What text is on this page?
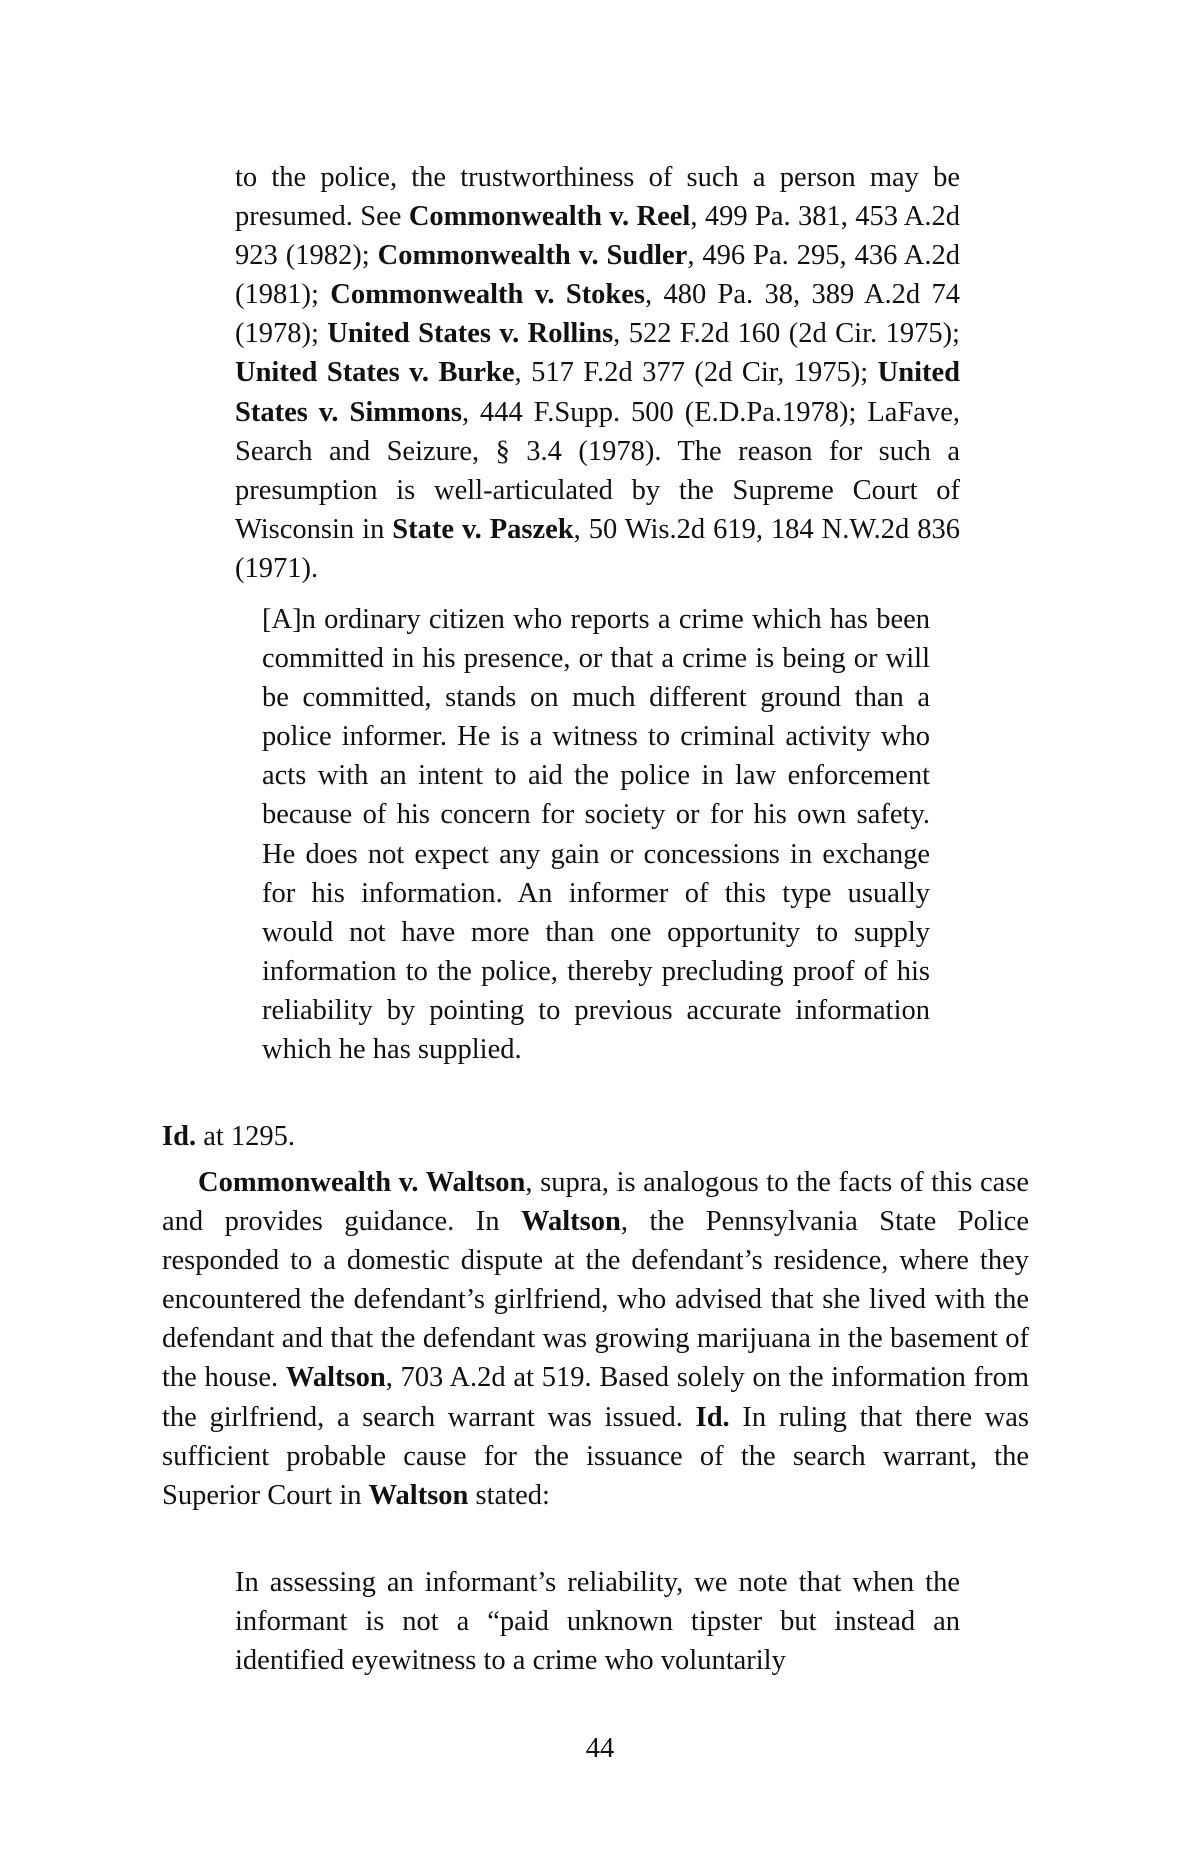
to the police, the trustworthiness of such a person may be presumed. See Commonwealth v. Reel, 499 Pa. 381, 453 A.2d 923 (1982); Commonwealth v. Sudler, 496 Pa. 295, 436 A.2d (1981); Commonwealth v. Stokes, 480 Pa. 38, 389 A.2d 74 (1978); United States v. Rollins, 522 F.2d 160 (2d Cir. 1975); United States v. Burke, 517 F.2d 377 (2d Cir, 1975); United States v. Simmons, 444 F.Supp. 500 (E.D.Pa.1978); LaFave, Search and Seizure, § 3.4 (1978). The reason for such a presumption is well-articulated by the Supreme Court of Wisconsin in State v. Paszek, 50 Wis.2d 619, 184 N.W.2d 836 (1971).

[A]n ordinary citizen who reports a crime which has been committed in his presence, or that a crime is being or will be committed, stands on much different ground than a police informer. He is a witness to criminal activity who acts with an intent to aid the police in law enforcement because of his concern for society or for his own safety. He does not expect any gain or concessions in exchange for his information. An informer of this type usually would not have more than one opportunity to supply information to the police, thereby precluding proof of his reliability by pointing to previous accurate information which he has supplied.

Id. at 1295.

Commonwealth v. Waltson, supra, is analogous to the facts of this case and provides guidance. In Waltson, the Pennsylvania State Police responded to a domestic dispute at the defendant’s residence, where they encountered the defendant’s girlfriend, who advised that she lived with the defendant and that the defendant was growing marijuana in the basement of the house. Waltson, 703 A.2d at 519. Based solely on the information from the girlfriend, a search warrant was issued. Id. In ruling that there was sufficient probable cause for the issuance of the search warrant, the Superior Court in Waltson stated:

In assessing an informant’s reliability, we note that when the informant is not a “paid unknown tipster but instead an identified eyewitness to a crime who voluntarily

44
